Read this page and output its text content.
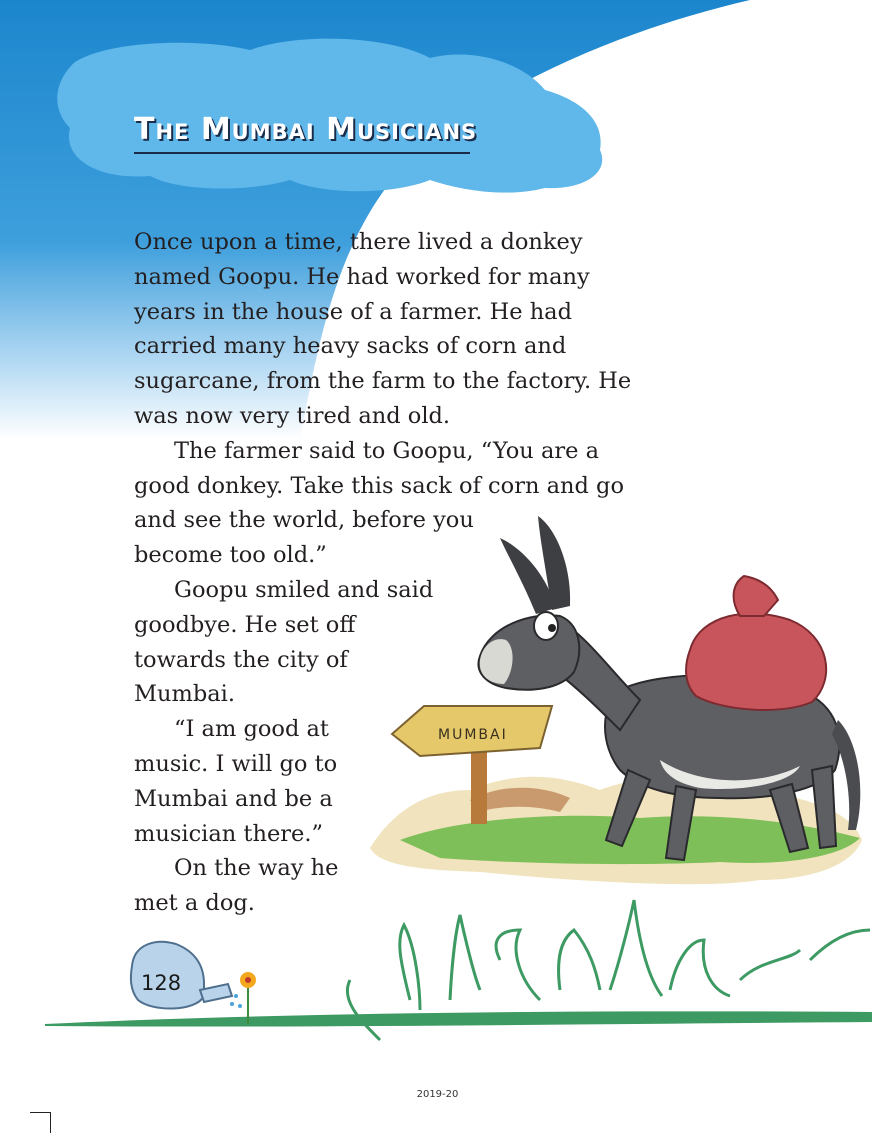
The Mumbai Musicians
MUMBAI
Once upon a time, there lived a donkey
named Goopu. He had worked for many
years in the house of a farmer. He had
carried many heavy sacks of corn and
sugarcane, from the farm to the factory. He
was now very tired and old.
The farmer said to Goopu, “You are a
good donkey. Take this sack of corn and go
and see the world, before you
become too old.”
Goopu smiled and said
goodbye. He set off
towards the city of
Mumbai.
“I am good at
music. I will go to
Mumbai and be a
musician there.”
On the way he
met a dog.
128
2019-20
